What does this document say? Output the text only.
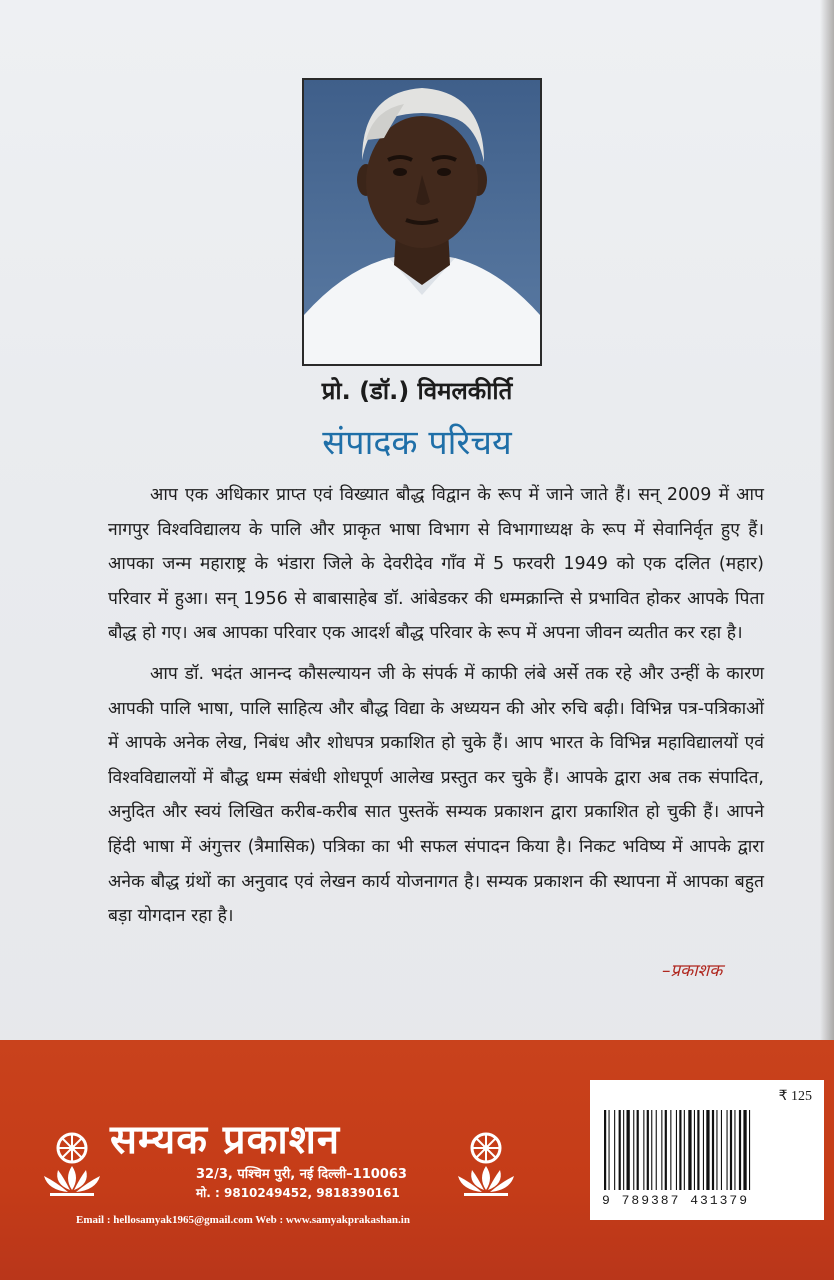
प्रो. (डॉ.) विमलकीर्ति
संपादक परिचय

आप एक अधिकार प्राप्त एवं विख्यात बौद्ध विद्वान के रूप में जाने जाते हैं। सन् 2009 में आप नागपुर विश्वविद्यालय के पालि और प्राकृत भाषा विभाग से विभागाध्यक्ष के रूप में सेवानिर्वृत हुए हैं। आपका जन्म महाराष्ट्र के भंडारा जिले के देवरीदेव गाँव में 5 फरवरी 1949 को एक दलित (महार) परिवार में हुआ। सन् 1956 से बाबासाहेब डॉ. आंबेडकर की धम्मक्रान्ति से प्रभावित होकर आपके पिता बौद्ध हो गए। अब आपका परिवार एक आदर्श बौद्ध परिवार के रूप में अपना जीवन व्यतीत कर रहा है।

आप डॉ. भदंत आनन्द कौसल्यायन जी के संपर्क में काफी लंबे अर्से तक रहे और उन्हीं के कारण आपकी पालि भाषा, पालि साहित्य और बौद्ध विद्या के अध्ययन की ओर रुचि बढ़ी। विभिन्न पत्र-पत्रिकाओं में आपके अनेक लेख, निबंध और शोधपत्र प्रकाशित हो चुके हैं। आप भारत के विभिन्न महाविद्यालयों एवं विश्वविद्यालयों में बौद्ध धम्म संबंधी शोधपूर्ण आलेख प्रस्तुत कर चुके हैं। आपके द्वारा अब तक संपादित, अनुदित और स्वयं लिखित करीब-करीब सात पुस्तकें सम्यक प्रकाशन द्वारा प्रकाशित हो चुकी हैं। आपने हिंदी भाषा में अंगुत्तर (त्रैमासिक) पत्रिका का भी सफल संपादन किया है। निकट भविष्य में आपके द्वारा अनेक बौद्ध ग्रंथों का अनुवाद एवं लेखन कार्य योजनागत है। सम्यक प्रकाशन की स्थापना में आपका बहुत बड़ा योगदान रहा है।

–प्रकाशक
सम्यक प्रकाशन
32/3, पश्चिम पुरी, नई दिल्ली–110063
मो. : 9810249452, 9818390161
Email : hellosamyak1965@gmail.com Web : www.samyakprakashan.in
₹ 125
9 789387 431379
